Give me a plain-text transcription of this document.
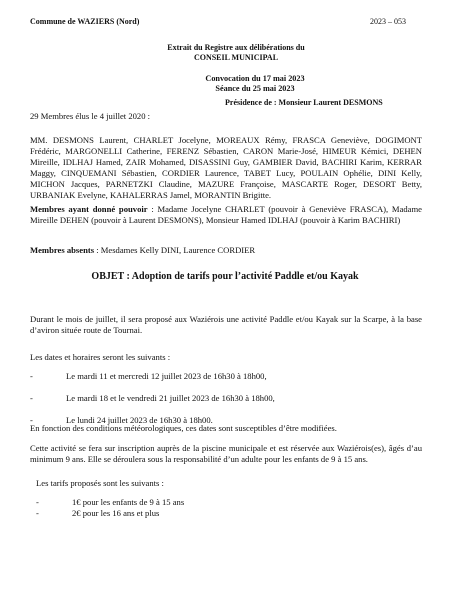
Commune de WAZIERS (Nord)	2023 – 053
Extrait du Registre aux délibérations du
CONSEIL MUNICIPAL
Convocation du 17 mai 2023
Séance du 25 mai 2023
Présidence de : Monsieur Laurent DESMONS
29 Membres élus le 4 juillet 2020 :
MM. DESMONS Laurent, CHARLET Jocelyne, MOREAUX Rémy, FRASCA Geneviève, DOGIMONT Frédéric, MARGONELLI Catherine, FERENZ Sébastien, CARON Marie-José, HIMEUR Kémici, DEHEN Mireille, IDLHAJ Hamed, ZAIR Mohamed, DISASSINI Guy, GAMBIER David, BACHIRI Karim, KERRAR Maggy, CINQUEMANI Sébastien, CORDIER Laurence, TABET Lucy, POULAIN Ophélie, DINI Kelly, MICHON Jacques, PARNETZKI Claudine, MAZURE Françoise, MASCARTE Roger, DESORT Betty, URBANIAK Evelyne, KAHALERRAS Jamel, MORANTIN Brigitte.
Membres ayant donné pouvoir : Madame Jocelyne CHARLET (pouvoir à Geneviève FRASCA), Madame Mireille DEHEN (pouvoir à Laurent DESMONS), Monsieur Hamed IDLHAJ (pouvoir à Karim BACHIRI)
Membres absents : Mesdames Kelly DINI, Laurence CORDIER
OBJET : Adoption de tarifs pour l’activité Paddle et/ou Kayak
Durant le mois de juillet, il sera proposé aux Waziérois une activité Paddle et/ou Kayak sur la Scarpe, à la base d’aviron située route de Tournai.
Les dates et horaires seront les suivants :
-	Le mardi 11 et mercredi 12 juillet 2023 de 16h30 à 18h00,
-	Le mardi 18 et le vendredi 21 juillet 2023 de 16h30 à 18h00,
-	Le lundi 24 juillet 2023 de 16h30 à 18h00.
En fonction des conditions météorologiques, ces dates sont susceptibles d’être modifiées.
Cette activité se fera sur inscription auprès de la piscine municipale et est réservée aux Waziérois(es), âgés d’au minimum 9 ans. Elle se déroulera sous la responsabilité d’un adulte pour les enfants de 9 à 15 ans.
Les tarifs proposés sont les suivants :
-	1€ pour les enfants de 9 à 15 ans
-	2€ pour les 16 ans et plus
